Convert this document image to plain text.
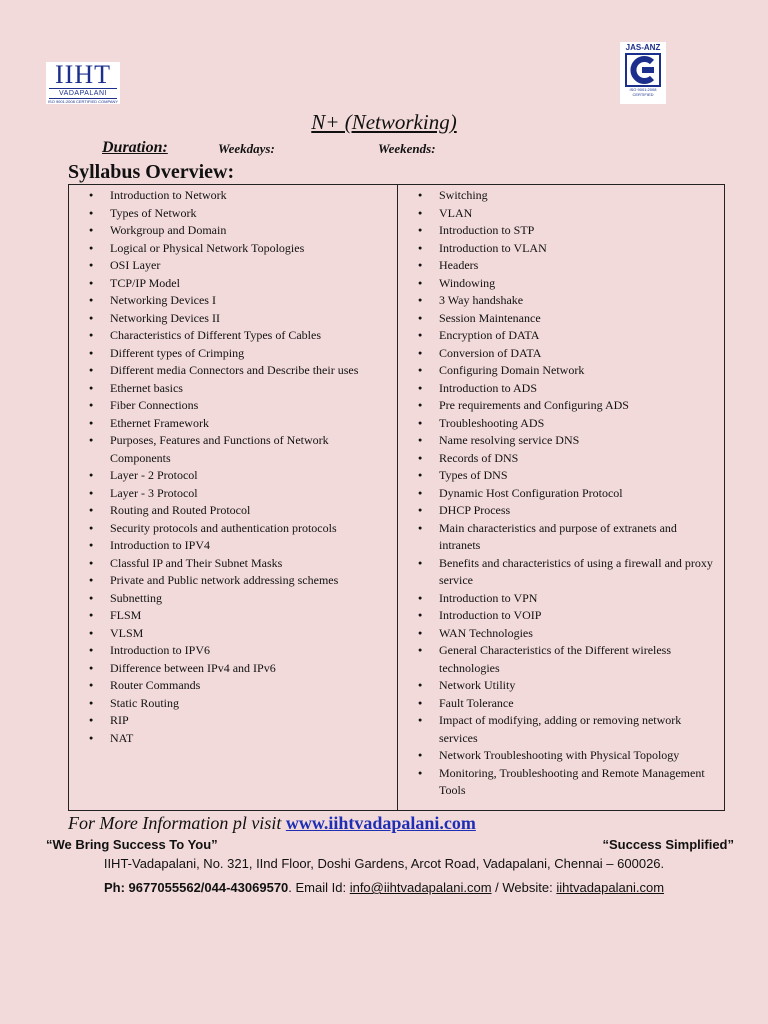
IIHT
VADAPALANI
ISO 9001:2008 CERTIFIED COMPANY
JAS-ANZ
ISO 9001:2008
CERTIFIED
N+ (Networking)
Duration:	Weekdays:	Weekends:
Syllabus Overview:
● Introduction to Network
● Types of Network
● Workgroup and Domain
● Logical or Physical Network Topologies
● OSI Layer
● TCP/IP Model
● Networking Devices I
● Networking Devices II
● Characteristics of Different Types of Cables
● Different types of Crimping
● Different media Connectors and Describe their uses
● Ethernet basics
● Fiber Connections
● Ethernet Framework
● Purposes, Features and Functions of Network Components
● Layer - 2 Protocol
● Layer - 3 Protocol
● Routing and Routed Protocol
● Security protocols and authentication protocols
● Introduction to IPV4
● Classful IP and Their Subnet Masks
● Private and Public network addressing schemes
● Subnetting
● FLSM
● VLSM
● Introduction to IPV6
● Difference between IPv4 and IPv6
● Router Commands
● Static Routing
● RIP
● NAT
● Switching
● VLAN
● Introduction to STP
● Introduction to VLAN
● Headers
● Windowing
● 3 Way handshake
● Session Maintenance
● Encryption of DATA
● Conversion of DATA
● Configuring Domain Network
● Introduction to ADS
● Pre requirements and Configuring ADS
● Troubleshooting ADS
● Name resolving service DNS
● Records of DNS
● Types of DNS
● Dynamic Host Configuration Protocol
● DHCP Process
● Main characteristics and purpose of extranets and intranets
● Benefits and characteristics of using a firewall and proxy service
● Introduction to VPN
● Introduction to VOIP
● WAN Technologies
● General Characteristics of the Different wireless technologies
● Network Utility
● Fault Tolerance
● Impact of modifying, adding or removing network services
● Network Troubleshooting with Physical Topology
● Monitoring, Troubleshooting and Remote Management Tools
For More Information pl visit www.iihtvadapalani.com
“We Bring Success To You”	“Success Simplified”
IIHT-Vadapalani, No. 321, IInd Floor, Doshi Gardens, Arcot Road, Vadapalani, Chennai – 600026.
Ph: 9677055562/044-43069570. Email Id: info@iihtvadapalani.com / Website: iihtvadapalani.com
